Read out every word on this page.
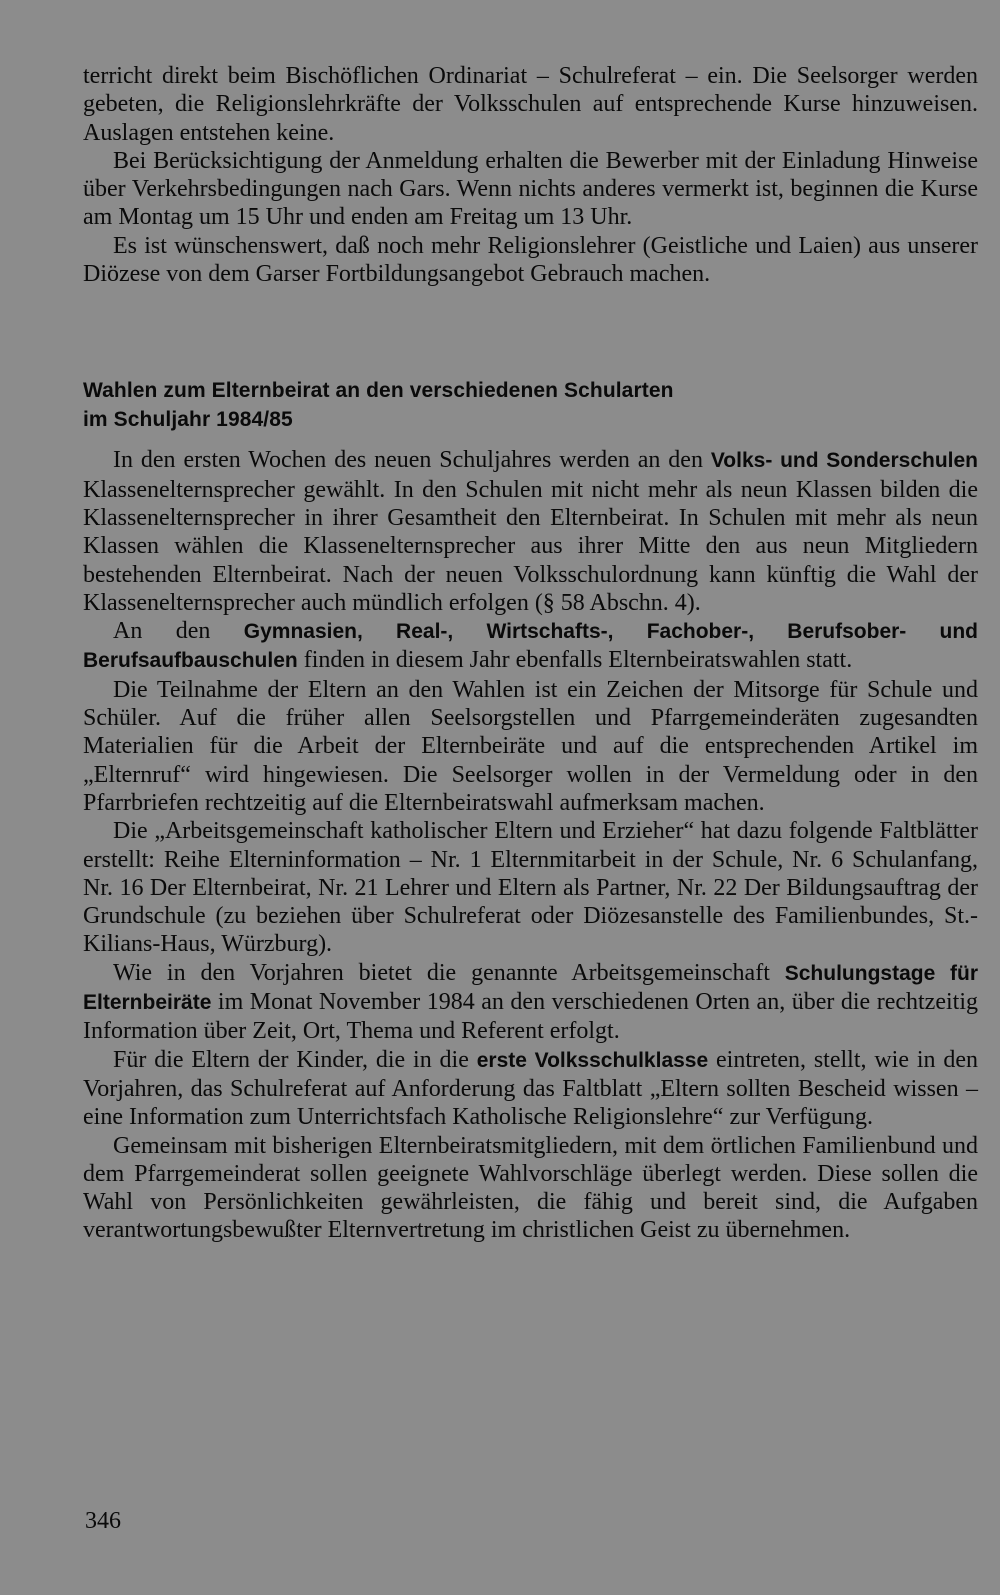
terricht direkt beim Bischöflichen Ordinariat – Schulreferat – ein. Die Seelsorger werden gebeten, die Religionslehrkräfte der Volksschulen auf entsprechende Kurse hinzuweisen. Auslagen entstehen keine.

Bei Berücksichtigung der Anmeldung erhalten die Bewerber mit der Einladung Hinweise über Verkehrsbedingungen nach Gars. Wenn nichts anderes vermerkt ist, beginnen die Kurse am Montag um 15 Uhr und enden am Freitag um 13 Uhr.

Es ist wünschenswert, daß noch mehr Religionslehrer (Geistliche und Laien) aus unserer Diözese von dem Garser Fortbildungsangebot Gebrauch machen.

Wahlen zum Elternbeirat an den verschiedenen Schularten
im Schuljahr 1984/85

In den ersten Wochen des neuen Schuljahres werden an den Volks- und Sonderschulen Klassenelternsprecher gewählt. In den Schulen mit nicht mehr als neun Klassen bilden die Klassenelternsprecher in ihrer Gesamtheit den Elternbeirat. In Schulen mit mehr als neun Klassen wählen die Klassenelternsprecher aus ihrer Mitte den aus neun Mitgliedern bestehenden Elternbeirat. Nach der neuen Volksschulordnung kann künftig die Wahl der Klassenelternsprecher auch mündlich erfolgen (§ 58 Abschn. 4).

An den Gymnasien, Real-, Wirtschafts-, Fachober-, Berufsober- und Berufsaufbauschulen finden in diesem Jahr ebenfalls Elternbeiratswahlen statt.

Die Teilnahme der Eltern an den Wahlen ist ein Zeichen der Mitsorge für Schule und Schüler. Auf die früher allen Seelsorgstellen und Pfarrgemeinderäten zugesandten Materialien für die Arbeit der Elternbeiräte und auf die entsprechenden Artikel im „Elternruf“ wird hingewiesen. Die Seelsorger wollen in der Vermeldung oder in den Pfarrbriefen rechtzeitig auf die Elternbeiratswahl aufmerksam machen.

Die „Arbeitsgemeinschaft katholischer Eltern und Erzieher“ hat dazu folgende Faltblätter erstellt: Reihe Elterninformation – Nr. 1 Elternmitarbeit in der Schule, Nr. 6 Schulanfang, Nr. 16 Der Elternbeirat, Nr. 21 Lehrer und Eltern als Partner, Nr. 22 Der Bildungsauftrag der Grundschule (zu beziehen über Schulreferat oder Diözesanstelle des Familienbundes, St.-Kilians-Haus, Würzburg).

Wie in den Vorjahren bietet die genannte Arbeitsgemeinschaft Schulungstage für Elternbeiräte im Monat November 1984 an den verschiedenen Orten an, über die rechtzeitig Information über Zeit, Ort, Thema und Referent erfolgt.

Für die Eltern der Kinder, die in die erste Volksschulklasse eintreten, stellt, wie in den Vorjahren, das Schulreferat auf Anforderung das Faltblatt „Eltern sollten Bescheid wissen – eine Information zum Unterrichtsfach Katholische Religionslehre“ zur Verfügung.

Gemeinsam mit bisherigen Elternbeiratsmitgliedern, mit dem örtlichen Familienbund und dem Pfarrgemeinderat sollen geeignete Wahlvorschläge überlegt werden. Diese sollen die Wahl von Persönlichkeiten gewährleisten, die fähig und bereit sind, die Aufgaben verantwortungsbewußter Elternvertretung im christlichen Geist zu übernehmen.

346
